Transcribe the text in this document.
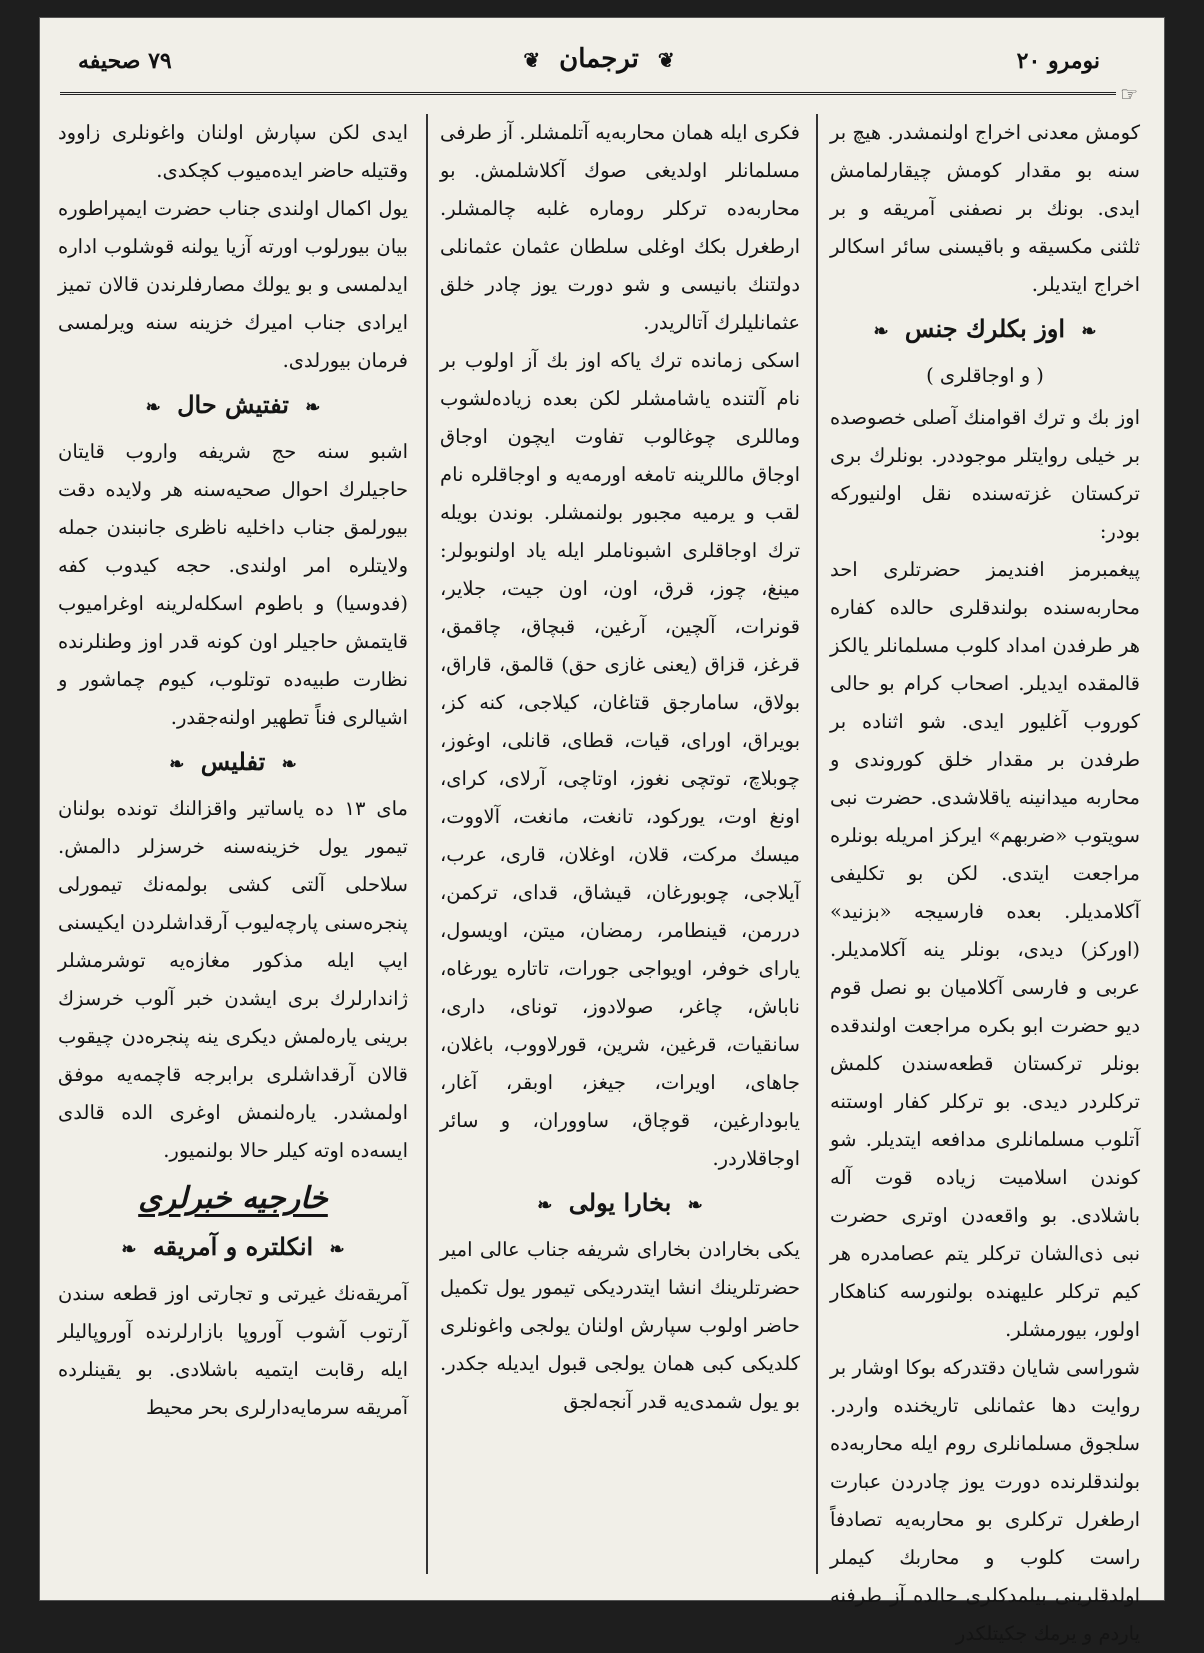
نومرو ٢٠
❦ ترجمان ❦
٧٩ صحیفه
☞

کومش معدنی اخراج اولنمشدر. هیچ بر سنه بو مقدار کومش چیقارلمامش ایدی. بونك بر نصفنی آمریقه و بر ثلثنی مکسیقه و باقیسنی سائر اسکالر اخراج ایتدیلر.

❧ اوز بکلرك جنس ❧
( و اوجاقلری )

اوز بك و ترك اقوامنك آصلی خصوصده بر خیلی روایتلر موجوددر. بونلرك بری ترکستان غزته‌سنده نقل اولنیورکه بودر:

پیغمبرمز افندیمز حضرتلری احد محاربه‌سنده بولندقلری حالده کفاره هر طرفدن امداد کلوب مسلمانلر یالکز قالمقده ایدیلر. اصحاب کرام بو حالی کوروب آغلیور ایدی. شو اثناده بر طرفدن بر مقدار خلق کوروندی و محاربه میدانینه یاقلاشدی. حضرت نبی سویتوب «ضربهم» ایرکز امریله بونلره مراجعت ایتدی. لکن بو تکلیفی آکلامدیلر. بعده فارسیجه «بزنید» (اورکز) دیدی، بونلر ینه آکلامدیلر. عربی و فارسی آکلامیان بو نصل قوم دیو حضرت ابو بکره مراجعت اولندقده بونلر ترکستان قطعه‌سندن کلمش ترکلردر دیدی. بو ترکلر کفار اوستنه آتلوب مسلمانلری مدافعه ایتدیلر. شو کوندن اسلامیت زیاده قوت آله باشلادی. بو واقعه‌دن اوتری حضرت نبی ذی‌الشان ترکلر یتم عصامدره هر کیم ترکلر علیهنده بولنورسه کناهکار اولور، بیورمشلر.

شوراسی شایان دقتدرکه بوکا اوشار بر روایت دها عثمانلی تاریخنده واردر. سلجوق مسلمانلری روم ایله محاربه‌ده بولندقلرنده دورت یوز چادردن عبارت ارطغرل ترکلری بو محاربه‌یه تصادفاً راست کلوب و محاربك کیملر اولدقلرینی بیلمدکلری حالده آز طرفنه یاردم و یرمك جکیتلکدر

فکری ایله همان محاربه‌یه آتلمشلر. آز طرفی مسلمانلر اولدیغی صوك آکلاشلمش. بو محاربه‌ده ترکلر رومارە غلبه چالمشلر. ارطغرل بکك اوغلی سلطان عثمان عثمانلی دولتنك بانیسی و شو دورت یوز چادر خلق عثمانلیلرك آتالریدر.

اسکی زمانده ترك یاکه اوز بك آز اولوب بر نام آلتنده یاشامشلر لکن بعده زیاده‌لشوب وماللری چوغالوب تفاوت ایچون اوجاق اوجاق ماللرینه تامغه اورمه‌یه و اوجاقلره نام لقب و یرمیه مجبور بولنمشلر. بوندن بویله ترك اوجاقلری اشبوناملر ایله یاد اولنوبولر: مینغ، چوز، قرق، اون، اون جیت، جلایر، قونرات، آلچین، آرغین، قبچاق، چاقمق، قرغز، قزاق (یعنی غازی حق) قالمق، قاراق، بولاق، سامارجق قتاغان، کیلاجی، کنه کز، بویراق، اورای، قیات، قطای، قانلی، اوغوز، چوبلاچ، توتچی نغوز، اوتاچی، آرلای، کرای، اونغ اوت، یورکود، تانغت، مانغت، آلاووت، میسك مرکت، قلان، اوغلان، قاری، عرب، آیلاجی، چوبورغان، قیشاق، قدای، ترکمن، دررمن، قینطامر، رمضان، میتن، اویسول، یارای خوفر، اویواجی جورات، تاتاره یورغاه، ناباش، چاغر، صولادوز، تونای، داری، سانقیات، قرغین، شرین، قورلاووب، باغلان، جاهای، اویرات، جیغز، اوبقر، آغار، یابودارغین، قوچاق، ساووران، و سائر اوجاقلاردر.

❧ بخارا یولی ❧

یکی بخارادن بخارای شریفه جناب عالی امیر حضرتلرینك انشا ایتدردیکی تیمور یول تکمیل حاضر اولوب سپارش اولنان یولجی واغونلری کلدیکی کبی همان یولجی قبول ایدیله جکدر. بو یول شمدی‌یه قدر آنجه‌لجق

ایدی لکن سپارش اولنان واغونلری زاوود وقتیله حاضر ایده‌میوب کچکدی.

یول اکمال اولندی جناب حضرت ایمپراطوره بیان بیورلوب اورته آزیا یولنه قوشلوب اداره ایدلمسی و بو یولك مصارفلرندن قالان تمیز ایرادی جناب امیرك خزینه سنه ویرلمسی فرمان بیورلدی.

❧ تفتیش حال ❧

اشبو سنه حج شریفه واروب قایتان حاجیلرك احوال صحیه‌سنه هر ولایده دقت بیورلمق جناب داخلیه ناظری جانبندن جمله ولایتلره امر اولندی. حجه کیدوب کفه (فدوسیا) و باطوم اسکله‌لرینه اوغرامیوب قایتمش حاجیلر اون کونه قدر اوز وطنلرنده نظارت طبیه‌ده توتلوب، کیوم چماشور و اشیالری فناً تطهیر اولنه‌جقدر.

❧ تفلیس ❧

مای ١٣ ده یاساتیر واقزالنك تونده بولنان تیمور یول خزینه‌سنه خرسزلر دالمش. سلاحلی آلتی کشی بولمه‌نك تیمورلی پنجره‌سنی پارچه‌لیوب آرقداشلردن ایکیسنی ایپ ایله مذکور مغازه‌یه توشرمشلر ژاندارلرك بری ایشدن خبر آلوب خرسزك برینی یاره‌لمش دیکری ینه پنجره‌دن چیقوب قالان آرقداشلری برابرجه قاچمه‌یه موفق اولمشدر. یاره‌لنمش اوغری الده قالدی ایسه‌ده اوته کیلر حالا بولنمیور.

خارجیه خبرلری
❧ انکلتره و آمریقه ❧

آمریقه‌نك غیرتی و تجارتی اوز قطعه سندن آرتوب آشوب آوروپا بازارلرنده آوروپالیلر ایله رقابت ایتمیه باشلادی. بو یقینلرده آمریقه سرمایه‌دارلری بحر محیط
